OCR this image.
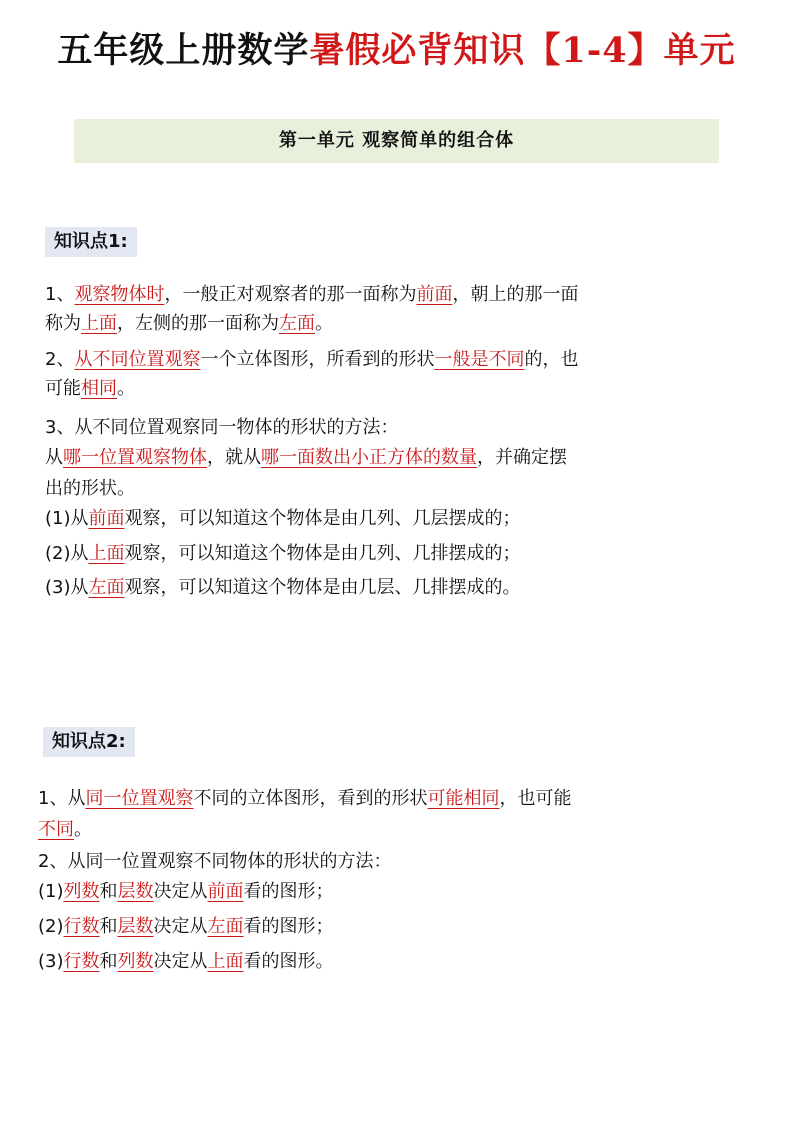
五年级上册数学暑假必背知识【1-4】单元
第一单元 观察简单的组合体
知识点1:
1、观察物体时，一般正对观察者的那一面称为前面，朝上的那一面
称为上面，左侧的那一面称为左面。
2、从不同位置观察一个立体图形，所看到的形状一般是不同的，也
可能相同。
3、从不同位置观察同一物体的形状的方法：
从哪一位置观察物体，就从哪一面数出小正方体的数量，并确定摆
出的形状。
(1)从前面观察，可以知道这个物体是由几列、几层摆成的；
(2)从上面观察，可以知道这个物体是由几列、几排摆成的；
(3)从左面观察，可以知道这个物体是由几层、几排摆成的。
知识点2:
1、从同一位置观察不同的立体图形，看到的形状可能相同，也可能
不同。
2、从同一位置观察不同物体的形状的方法：
(1)列数和层数决定从前面看的图形；
(2)行数和层数决定从左面看的图形；
(3)行数和列数决定从上面看的图形。
